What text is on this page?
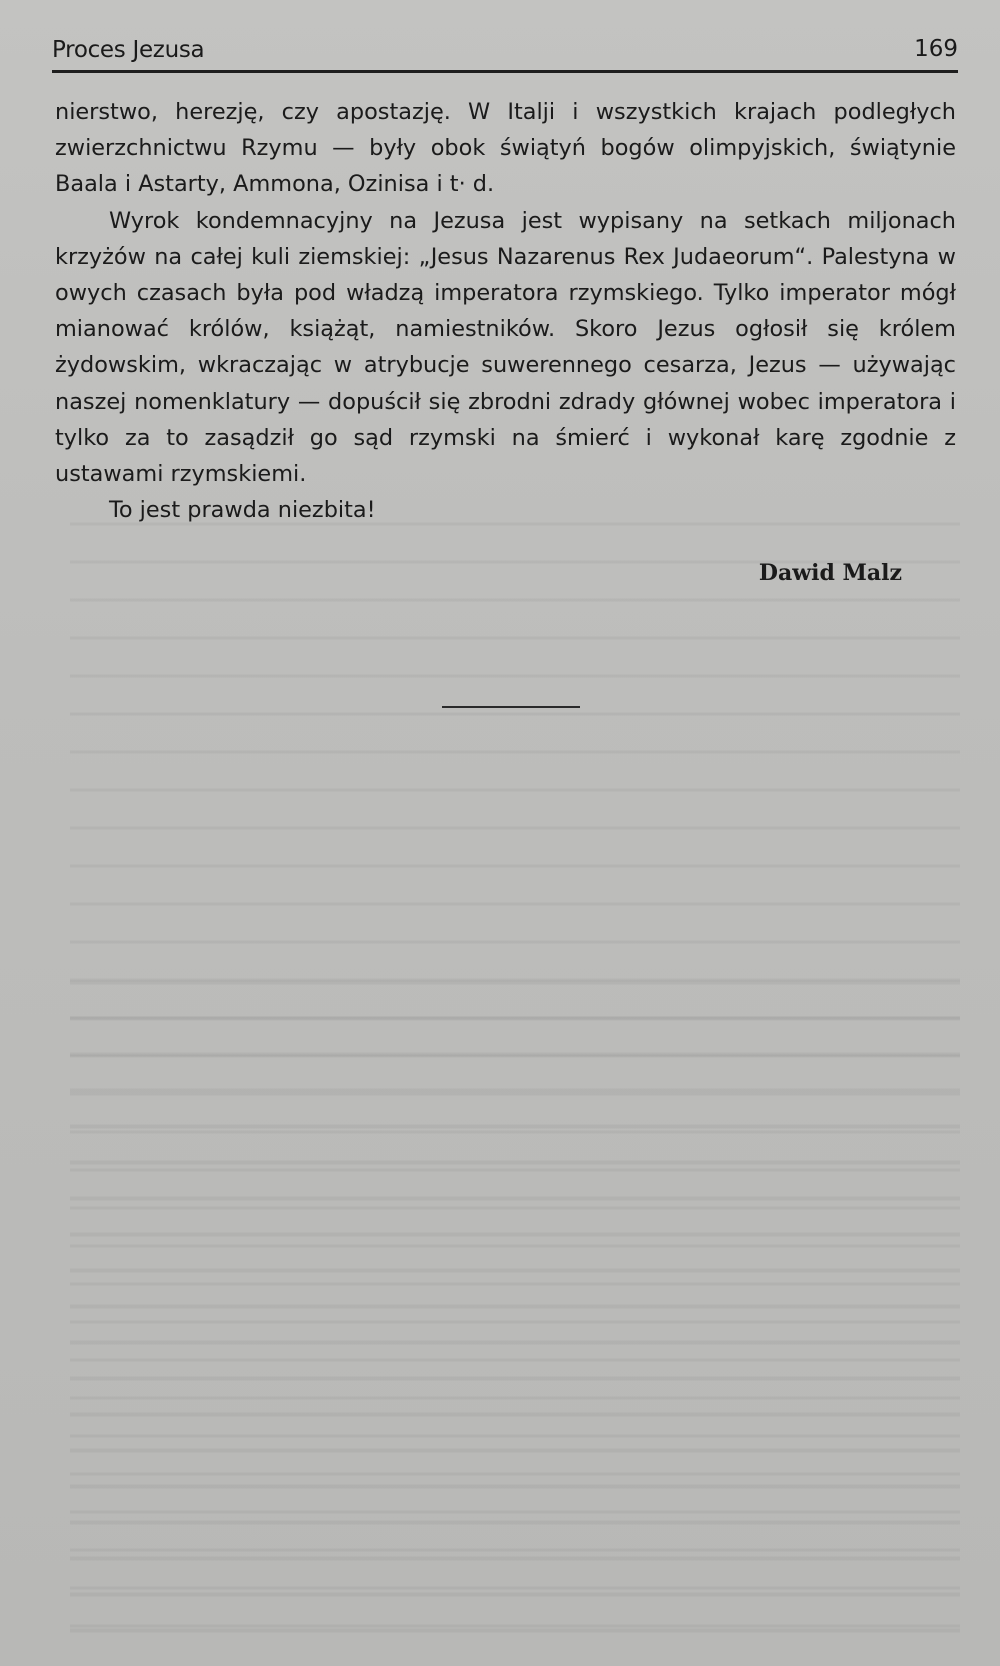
Proces Jezusa	169

nierstwo, herezję, czy apostazję. W Italji i wszystkich krajach podległych zwierzchnictwu Rzymu — były obok świątyń bogów olimpyjskich, świątynie Baala i Astarty, Ammona, Ozinisa i t· d.

Wyrok kondemnacyjny na Jezusa jest wypisany na setkach miljonach krzyżów na całej kuli ziemskiej: „Jesus Nazarenus Rex Judaeorum“. Palestyna w owych czasach była pod władzą imperatora rzymskiego. Tylko imperator mógł mianować królów, książąt, namiestników. Skoro Jezus ogłosił się królem żydowskim, wkraczając w atrybucje suwerennego cesarza, Jezus — używając naszej nomenklatury — dopuścił się zbrodni zdrady głównej wobec imperatora i tylko za to zasądził go sąd rzymski na śmierć i wykonał karę zgodnie z ustawami rzymskiemi.

To jest prawda niezbita!

Dawid Malz
